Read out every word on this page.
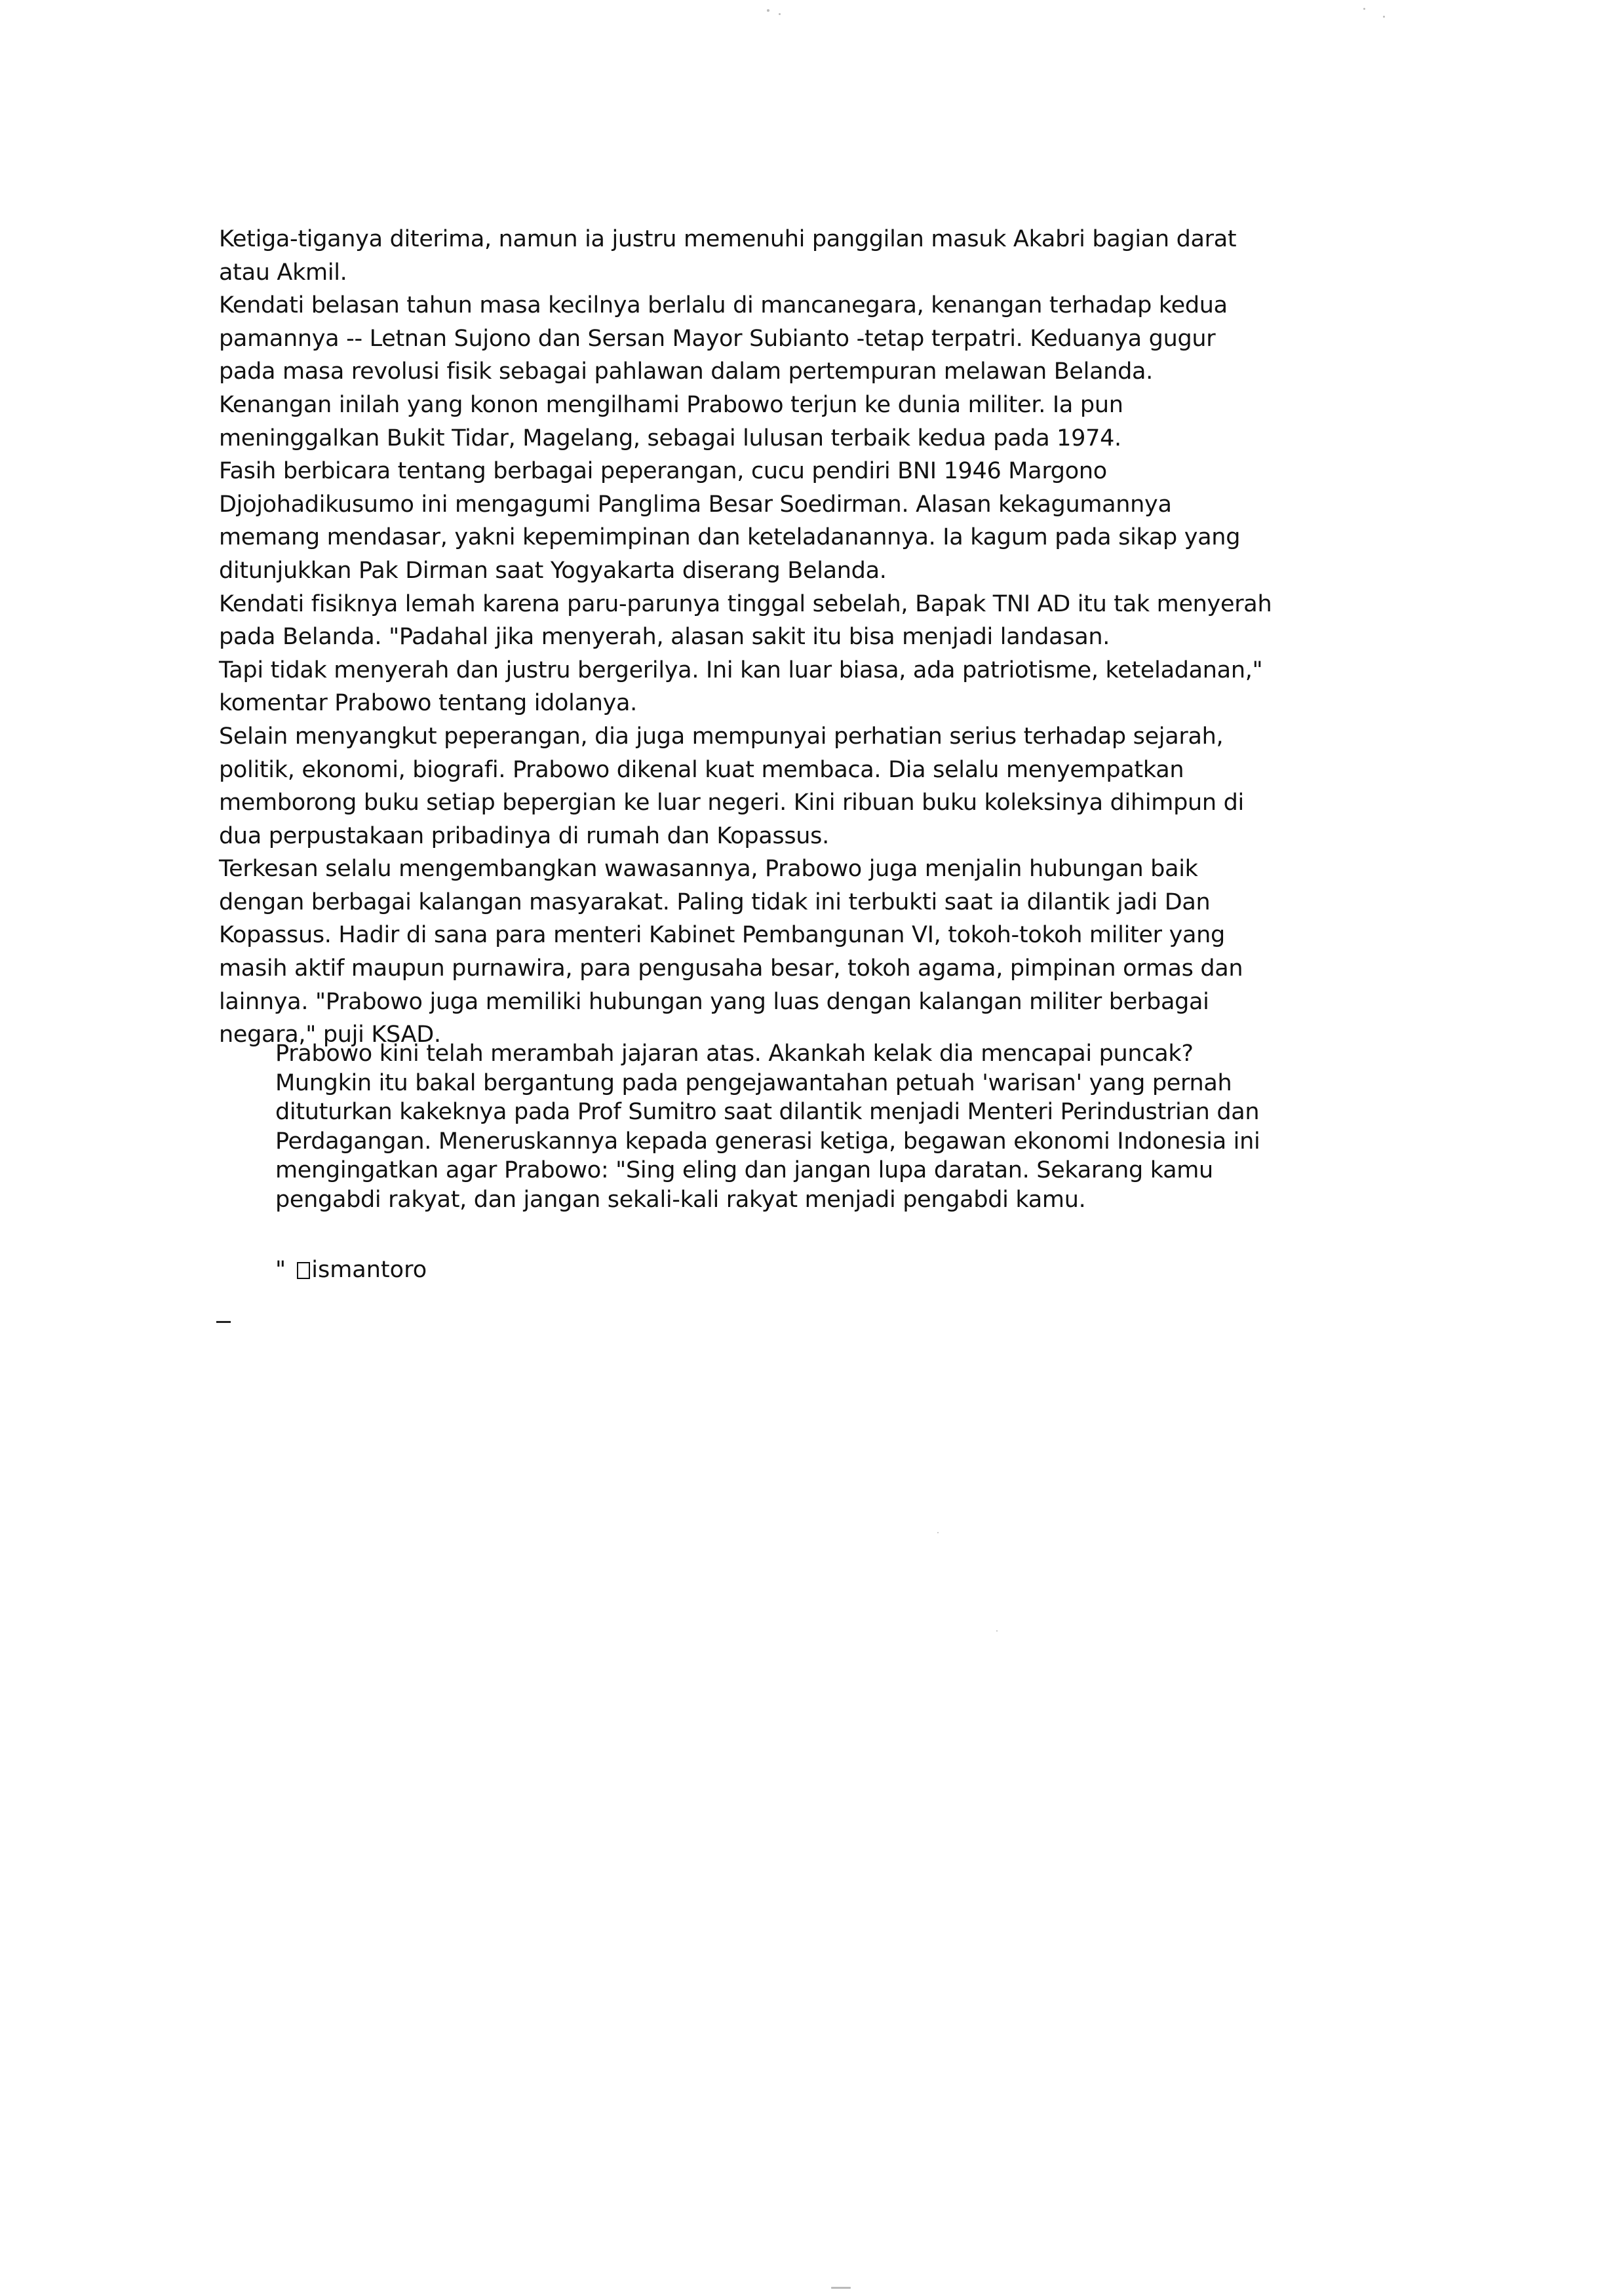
Ketiga-tiganya diterima, namun ia justru memenuhi panggilan masuk Akabri bagian darat
atau Akmil.
Kendati belasan tahun masa kecilnya berlalu di mancanegara, kenangan terhadap kedua
pamannya -- Letnan Sujono dan Sersan Mayor Subianto -tetap terpatri. Keduanya gugur
pada masa revolusi fisik sebagai pahlawan dalam pertempuran melawan Belanda.
Kenangan inilah yang konon mengilhami Prabowo terjun ke dunia militer. Ia pun
meninggalkan Bukit Tidar, Magelang, sebagai lulusan terbaik kedua pada 1974.
Fasih berbicara tentang berbagai peperangan, cucu pendiri BNI 1946 Margono
Djojohadikusumo ini mengagumi Panglima Besar Soedirman. Alasan kekagumannya
memang mendasar, yakni kepemimpinan dan keteladanannya. Ia kagum pada sikap yang
ditunjukkan Pak Dirman saat Yogyakarta diserang Belanda.
Kendati fisiknya lemah karena paru-parunya tinggal sebelah, Bapak TNI AD itu tak menyerah
pada Belanda. "Padahal jika menyerah, alasan sakit itu bisa menjadi landasan.
Tapi tidak menyerah dan justru bergerilya. Ini kan luar biasa, ada patriotisme, keteladanan,"
komentar Prabowo tentang idolanya.
Selain menyangkut peperangan, dia juga mempunyai perhatian serius terhadap sejarah,
politik, ekonomi, biografi. Prabowo dikenal kuat membaca. Dia selalu menyempatkan
memborong buku setiap bepergian ke luar negeri. Kini ribuan buku koleksinya dihimpun di
dua perpustakaan pribadinya di rumah dan Kopassus.
Terkesan selalu mengembangkan wawasannya, Prabowo juga menjalin hubungan baik
dengan berbagai kalangan masyarakat. Paling tidak ini terbukti saat ia dilantik jadi Dan
Kopassus. Hadir di sana para menteri Kabinet Pembangunan VI, tokoh-tokoh militer yang
masih aktif maupun purnawira, para pengusaha besar, tokoh agama, pimpinan ormas dan
lainnya. "Prabowo juga memiliki hubungan yang luas dengan kalangan militer berbagai
negara," puji KSAD.
Prabowo kini telah merambah jajaran atas. Akankah kelak dia mencapai puncak?
Mungkin itu bakal bergantung pada pengejawantahan petuah 'warisan' yang pernah
dituturkan kakeknya pada Prof Sumitro saat dilantik menjadi Menteri Perindustrian dan
Perdagangan. Meneruskannya kepada generasi ketiga, begawan ekonomi Indonesia ini
mengingatkan agar Prabowo: "Sing eling dan jangan lupa daratan. Sekarang kamu
pengabdi rakyat, dan jangan sekali-kali rakyat menjadi pengabdi kamu.
" ismantoro
